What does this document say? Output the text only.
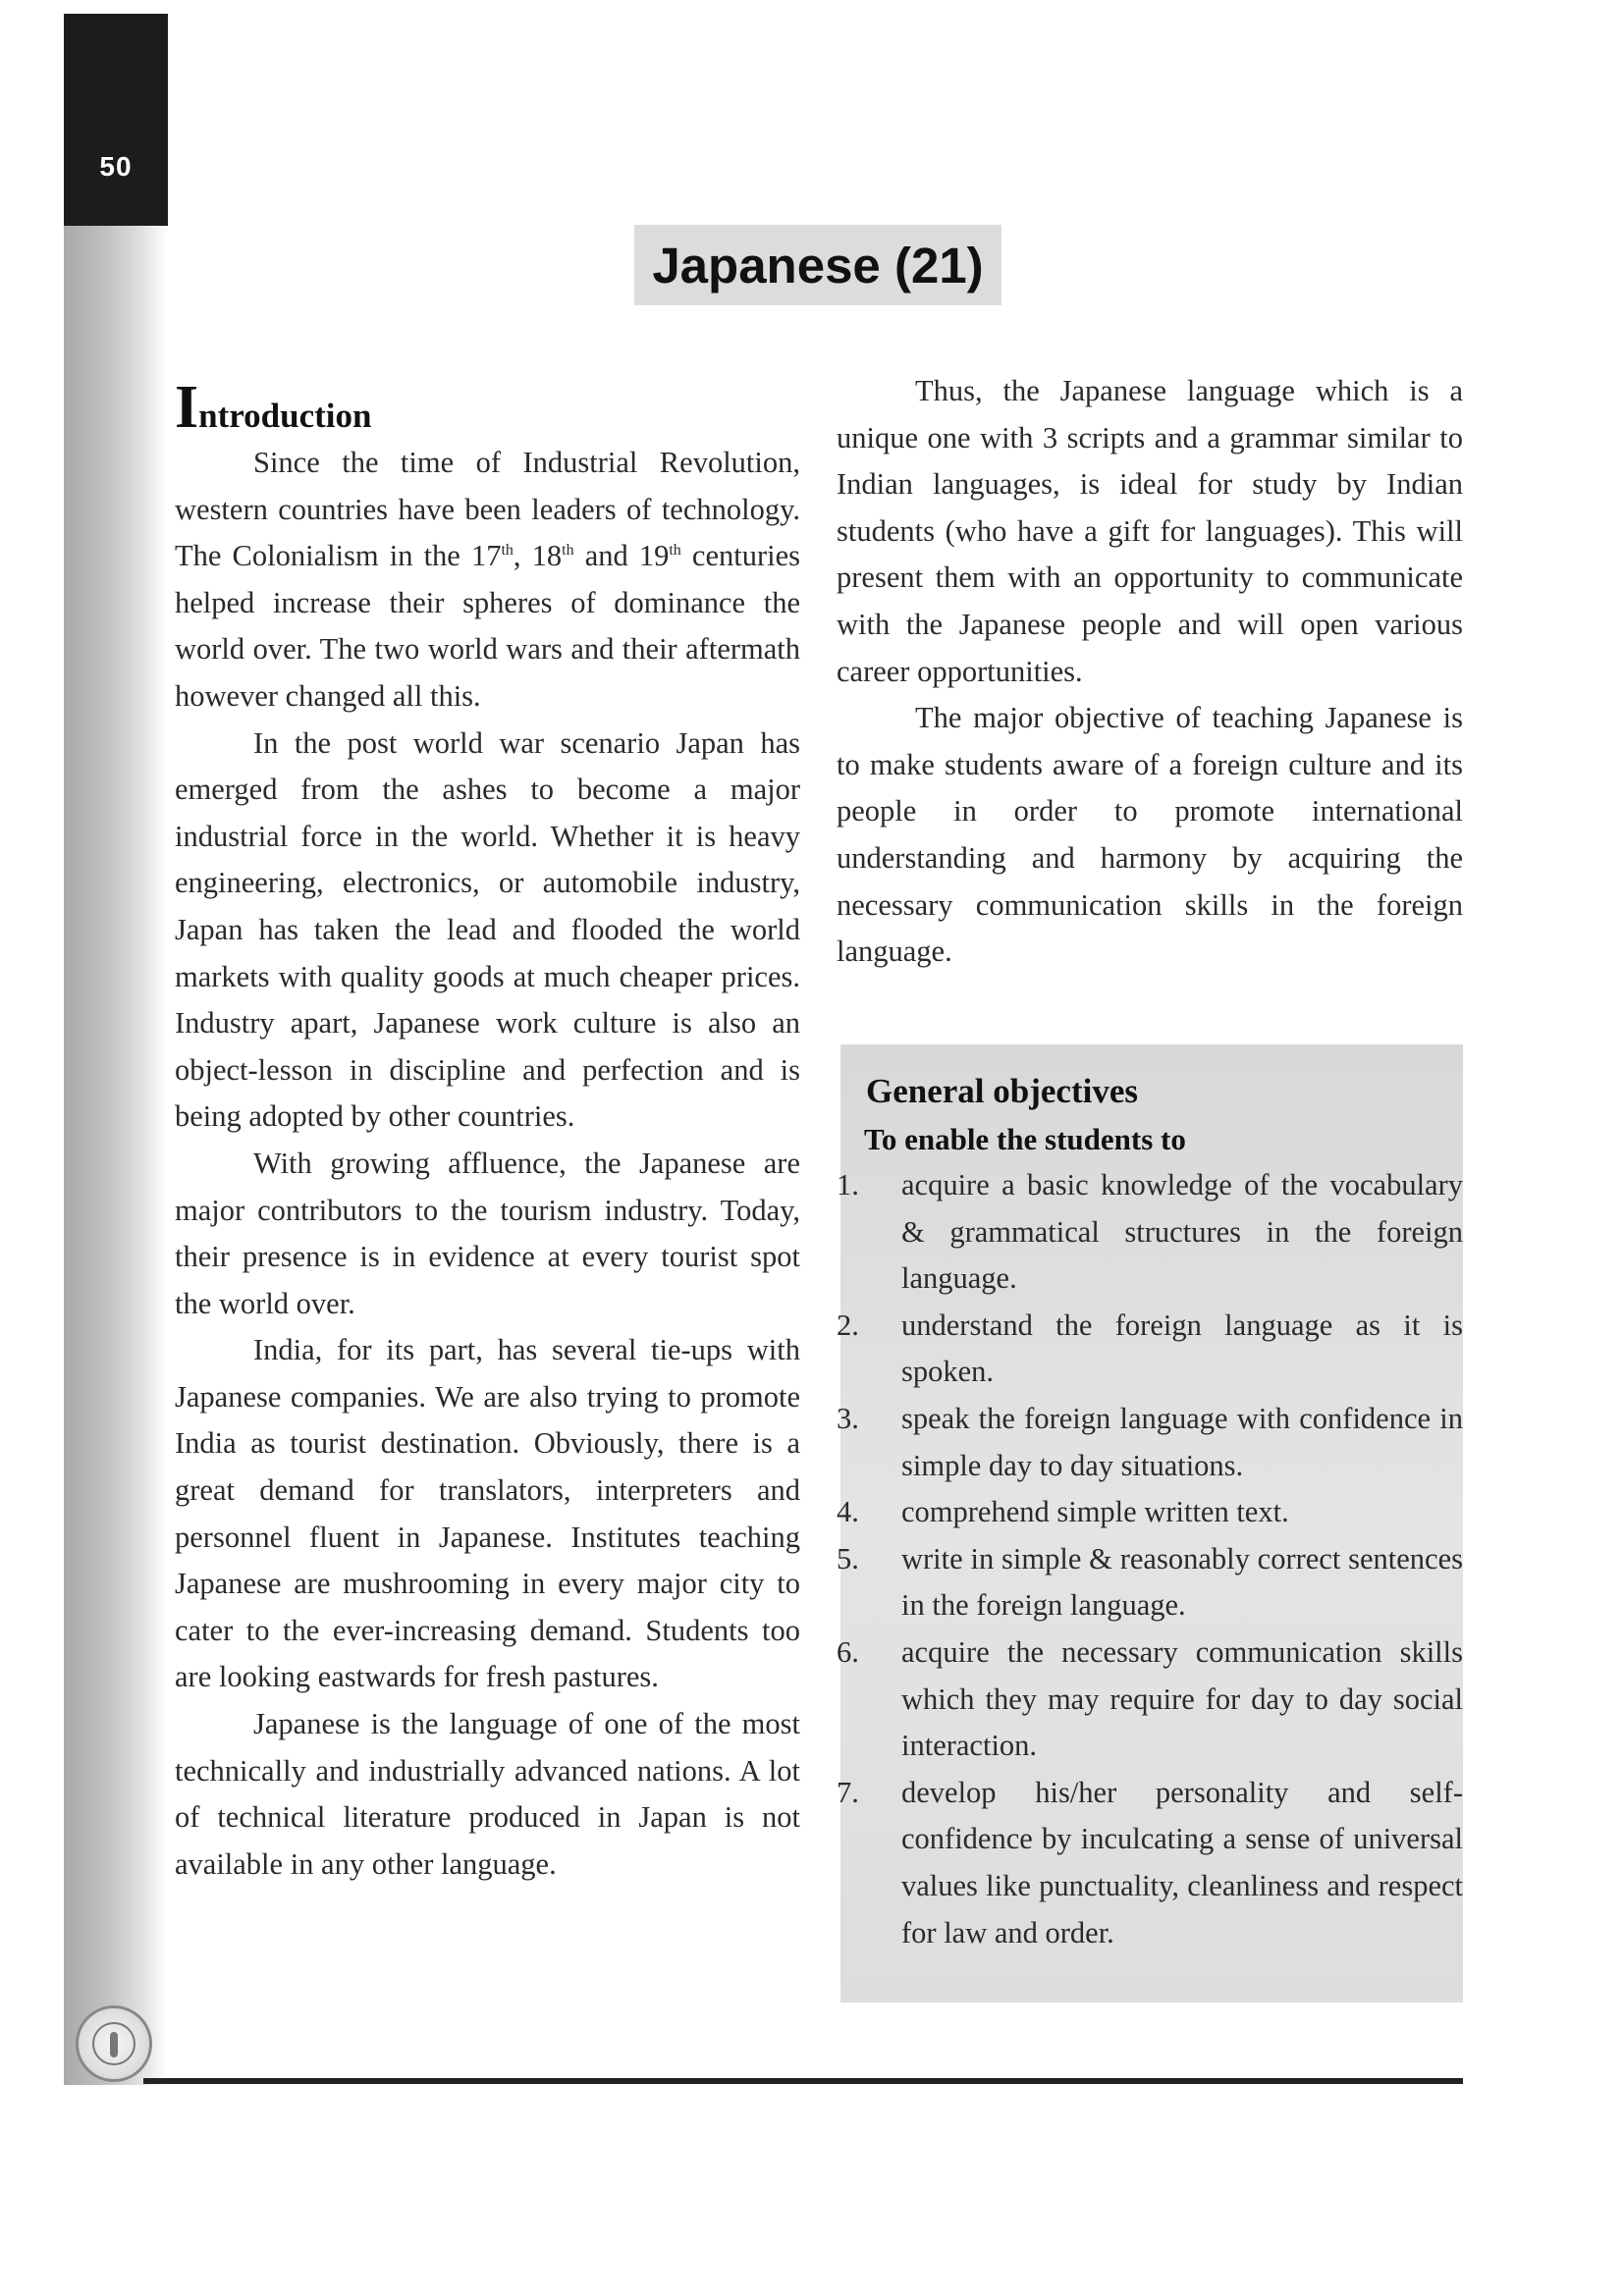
50
Japanese (21)
Introduction

Since the time of Industrial Revolution, western countries have been leaders of technology. The Colonialism in the 17th, 18th and 19th centuries helped increase their spheres of dominance the world over. The two world wars and their aftermath however changed all this.

In the post world war scenario Japan has emerged from the ashes to become a major industrial force in the world. Whether it is heavy engineering, electronics, or automobile industry, Japan has taken the lead and flooded the world markets with quality goods at much cheaper prices. Industry apart, Japanese work culture is also an object-lesson in discipline and perfection and is being adopted by other countries.

With growing affluence, the Japanese are major contributors to the tourism industry. Today, their presence is in evidence at every tourist spot the world over.

India, for its part, has several tie-ups with Japanese companies. We are also trying to promote India as tourist destination. Obviously, there is a great demand for translators, interpreters and personnel fluent in Japanese. Institutes teaching Japanese are mushrooming in every major city to cater to the ever-increasing demand. Students too are looking eastwards for fresh pastures.

Japanese is the language of one of the most technically and industrially advanced nations. A lot of technical literature produced in Japan is not available in any other language.

Thus, the Japanese language which is a unique one with 3 scripts and a grammar similar to Indian languages, is ideal for study by Indian students (who have a gift for languages). This will present them with an opportunity to communicate with the Japanese people and will open various career opportunities.

The major objective of teaching Japanese is to make students aware of a foreign culture and its people in order to promote international understanding and harmony by acquiring the necessary communication skills in the foreign language.

General objectives
To enable the students to
1.	acquire a basic knowledge of the vocabulary & grammatical structures in the foreign language.
2.	understand the foreign language as it is spoken.
3.	speak the foreign language with confidence in simple day to day situations.
4.	comprehend simple written text.
5.	write in simple & reasonably correct sentences in the foreign language.
6.	acquire the necessary communication skills which they may require for day to day social interaction.
7.	develop his/her personality and self-confidence by inculcating a sense of universal values like punctuality, cleanliness and respect for law and order.
